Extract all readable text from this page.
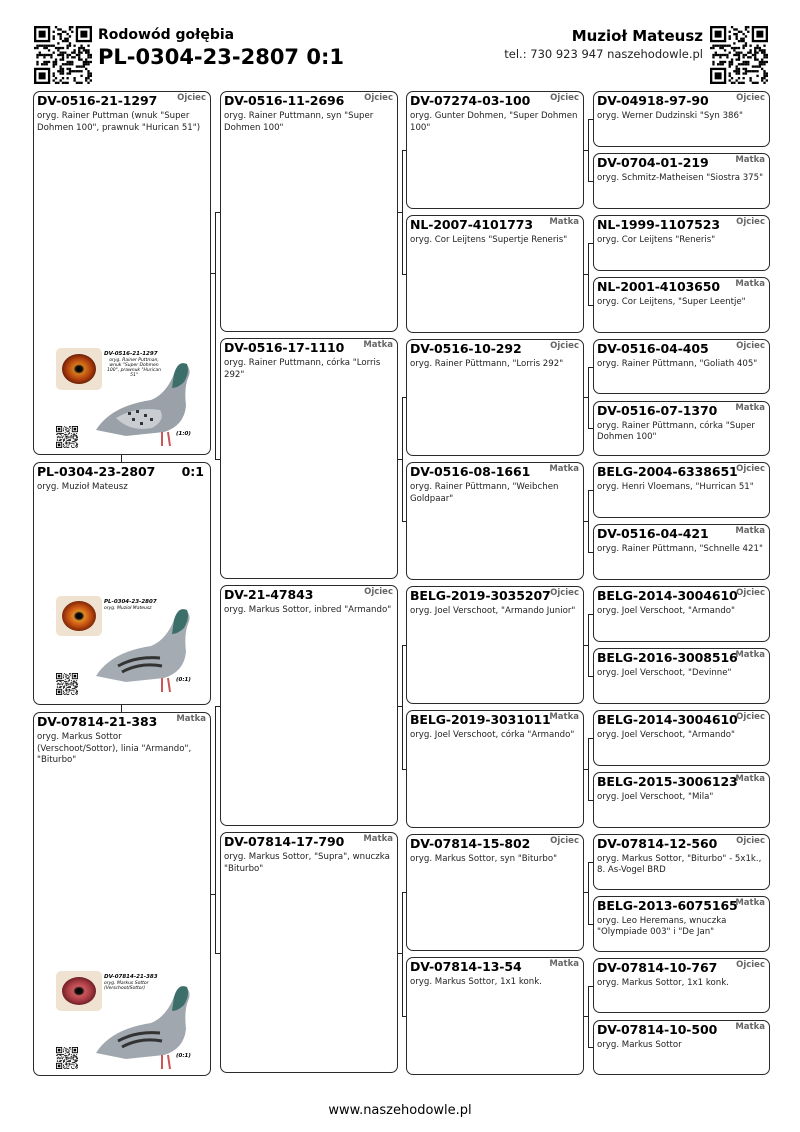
Rodowód gołębia
PL-0304-23-2807 0:1
Muzioł Mateusz
tel.: 730 923 947 naszehodowle.pl
DV-0516-21-1297 Ojciec
oryg. Rainer Puttman (wnuk "Super Dohmen 100", prawnuk "Hurican 51")
DV-0516-21-1297
oryg. Rainer Puttman, wnuk "Super Dohmen 100", prawnuk "Hurican 51"
(1:0)
PL-0304-23-2807 0:1
oryg. Muzioł Mateusz
PL-0304-23-2807
oryg. Muzioł Mateusz
(0:1)
DV-07814-21-383 Matka
oryg. Markus Sottor (Verschoot/Sottor), linia "Armando", "Biturbo"
DV-07814-21-383
oryg. Markus Sottor (Verschoot/Sottor)
(0:1)
DV-0516-11-2696 Ojciec
oryg. Rainer Puttmann, syn "Super Dohmen 100"
DV-0516-17-1110 Matka
oryg. Rainer Puttmann, córka "Lorris 292"
DV-21-47843	Ojciec
oryg. Markus Sottor, inbred "Armando"
DV-07814-17-790 Matka
oryg. Markus Sottor, "Supra", wnuczka "Biturbo"
DV-07274-03-100 Ojciec
oryg. Gunter Dohmen, "Super Dohmen 100"
NL-2007-4101773 Matka
oryg. Cor Leijtens "Supertje Reneris"
DV-0516-10-292	Ojciec
oryg. Rainer Püttmann, "Lorris 292"
DV-0516-08-1661 Matka
oryg. Rainer Püttmann, "Weibchen Goldpaar"
BELG-2019-3035207 Ojciec
oryg. Joel Verschoot, "Armando Junior"
BELG-2019-3031011
Matka
oryg. Joel Verschoot, córka "Armando"
DV-07814-15-802 Ojciec
oryg. Markus Sottor, syn "Biturbo"
DV-07814-13-54	Matka
oryg. Markus Sottor, 1x1 konk.
DV-04918-97-90	Ojciec
oryg. Werner Dudzinski "Syn 386"
DV-0704-01-219	Matka
oryg. Schmitz-Matheisen "Siostra 375"
NL-1999-1107523 Ojciec
oryg. Cor Leijtens "Reneris"
NL-2001-4103650 Matka
oryg. Cor Leijtens, "Super Leentje"
DV-0516-04-405	Ojciec
oryg. Rainer Püttmann, "Goliath 405"
DV-0516-07-1370 Matka
oryg. Rainer Püttmann, córka "Super Dohmen 100"
BELG-2004-6338651
Ojciec
oryg. Henri Vloemans, "Hurrican 51"
DV-0516-04-421	Matka
oryg. Rainer Püttmann, "Schnelle 421"
BELG-2014-3004610
Ojciec
oryg. Joel Verschoot, "Armando"
BELG-2016-3008516
Matka
oryg. Joel Verschoot, "Devinne"
BELG-2014-3004610
Ojciec
oryg. Joel Verschoot, "Armando"
BELG-2015-3006123
Matka
oryg. Joel Verschoot, "Mila"
DV-07814-12-560 Ojciec
oryg. Markus Sottor, "Biturbo" - 5x1k., 8. As-Vogel BRD
BELG-2013-6075165
Matka
oryg. Leo Heremans, wnuczka "Olympiade 003" i "De Jan"
DV-07814-10-767 Ojciec
oryg. Markus Sottor, 1x1 konk.
DV-07814-10-500 Matka
oryg. Markus Sottor
www.naszehodowle.pl
